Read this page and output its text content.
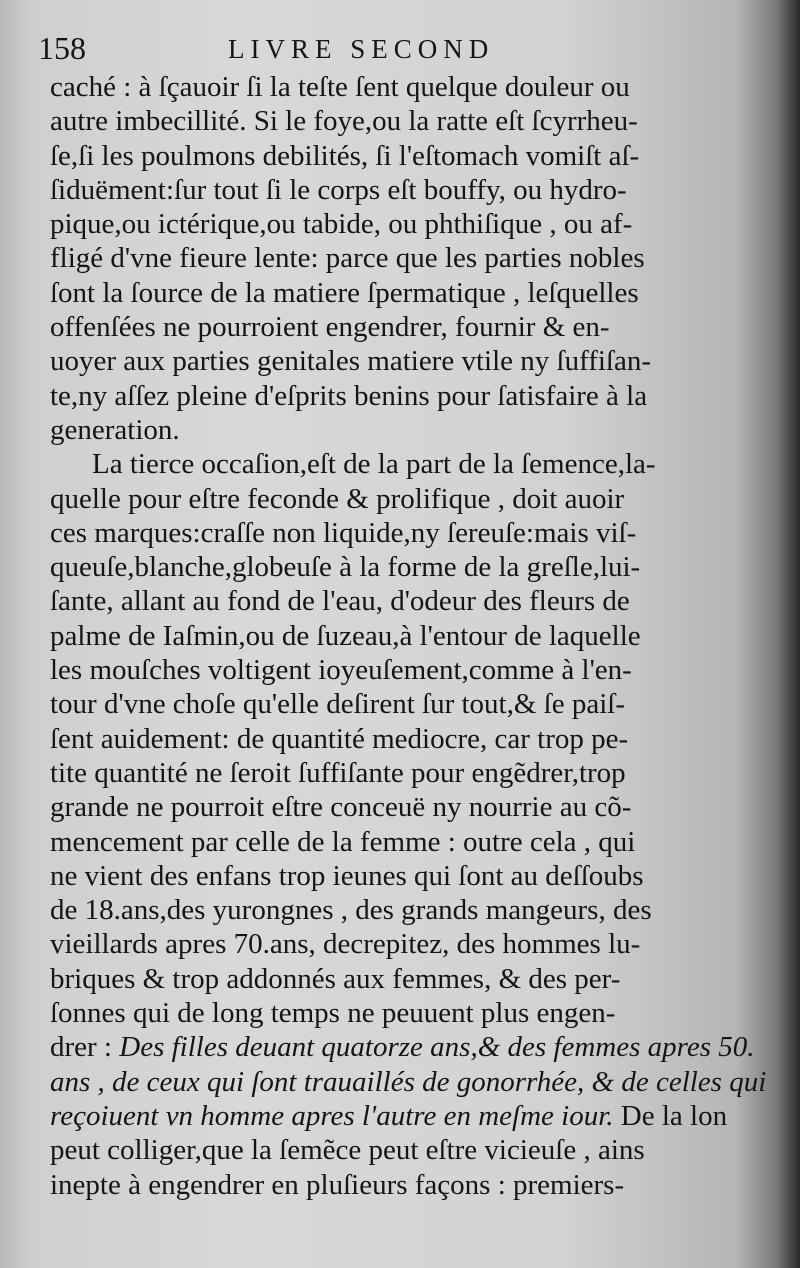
158	LIVRE SECOND
caché : à ſçauoir ſi la teſte ſent quelque douleur ou
autre imbecillité. Si le foye,ou la ratte eſt ſcyrrheu-
ſe,ſi les poulmons debilités, ſi l'eſtomach vomiſt aſ-
ſiduëment:ſur tout ſi le corps eſt bouffy, ou hydro-
pique,ou ictérique,ou tabide, ou phthiſique , ou af-
fligé d'vne fieure lente: parce que les parties nobles
ſont la ſource de la matiere ſpermatique , leſquelles
offenſées ne pourroient engendrer, fournir & en-
uoyer aux parties genitales matiere vtile ny ſuffiſan-
te,ny aſſez pleine d'eſprits benins pour ſatisfaire à la
generation.
La tierce occaſion,eſt de la part de la ſemence,la-
quelle pour eſtre feconde & prolifique , doit auoir
ces marques:craſſe non liquide,ny ſereuſe:mais viſ-
queuſe,blanche,globeuſe à la forme de la greſle,lui-
ſante, allant au fond de l'eau, d'odeur des fleurs de
palme de Iaſmin,ou de ſuzeau,à l'entour de laquelle
les mouſches voltigent ioyeuſement,comme à l'en-
tour d'vne choſe qu'elle deſirent ſur tout,& ſe paiſ-
ſent auidement: de quantité mediocre, car trop pe-
tite quantité ne ſeroit ſuffiſante pour engẽdrer,trop
grande ne pourroit eſtre conceuë ny nourrie au cõ-
mencement par celle de la femme : outre cela , qui
ne vient des enfans trop ieunes qui ſont au deſſoubs
de 18.ans,des yurongnes , des grands mangeurs, des
vieillards apres 70.ans, decrepitez, des hommes lu-
briques & trop addonnés aux femmes, & des per-
ſonnes qui de long temps ne peuuent plus engen-
drer : Des filles deuant quatorze ans,& des femmes apres 50.
ans , de ceux qui ſont trauaillés de gonorrhée, & de celles qui
reçoiuent vn homme apres l'autre en meſme iour. De la lon
peut colliger,que la ſemẽce peut eſtre vicieuſe , ains
inepte à engendrer en pluſieurs façons : premiers-
